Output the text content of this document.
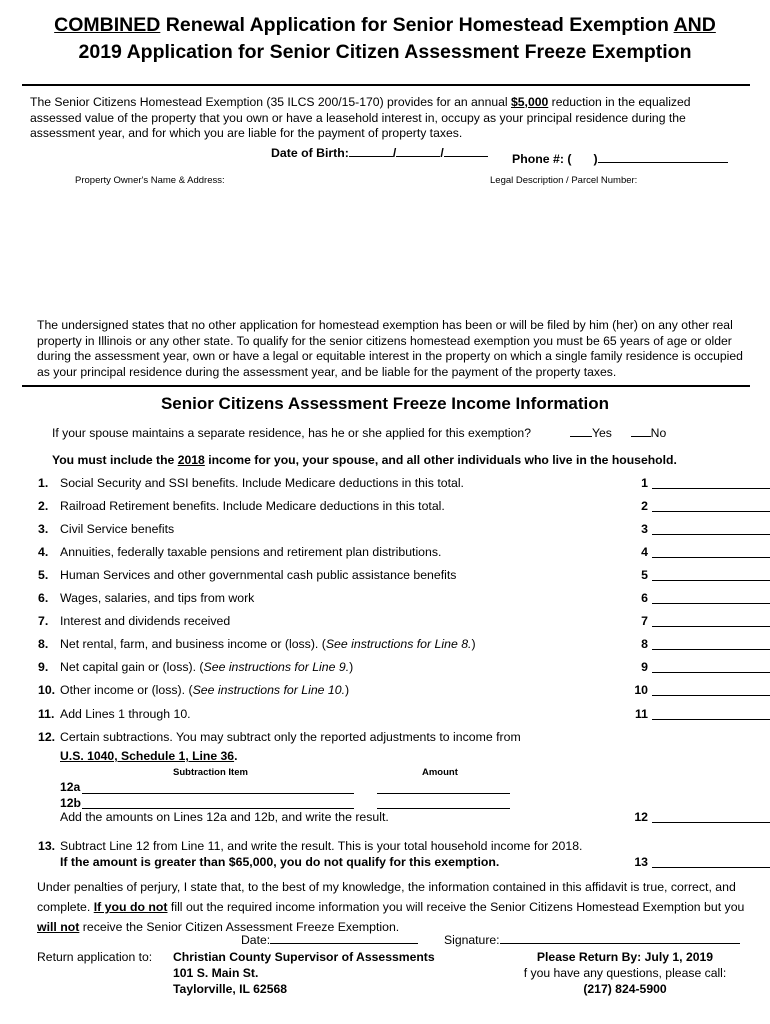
COMBINED Renewal Application for Senior Homestead Exemption AND
2019 Application for Senior Citizen Assessment Freeze Exemption
The Senior Citizens Homestead Exemption (35 ILCS 200/15-170) provides for an annual $5,000 reduction in the equalized assessed value of the property that you own or have a leasehold interest in, occupy as your principal residence during the assessment year, and for which you are liable for the payment of property taxes.
Date of Birth:	/	/	Phone #: ( )
Property Owner's Name & Address:	Legal Description / Parcel Number:
The undersigned states that no other application for homestead exemption has been or will be filed by him (her) on any other real property in Illinois or any other state. To qualify for the senior citizens homestead exemption you must be 65 years of age or older during the assessment year, own or have a legal or equitable interest in the property on which a single family residence is occupied as your principal residence during the assessment year, and be liable for the payment of the property taxes.
Senior Citizens Assessment Freeze Income Information
If your spouse maintains a separate residence, has he or she applied for this exemption?	Yes	No
You must include the 2018 income for you, your spouse, and all other individuals who live in the household.
1. Social Security and SSI benefits. Include Medicare deductions in this total.	1
2. Railroad Retirement benefits. Include Medicare deductions in this total.	2
3. Civil Service benefits	3
4. Annuities, federally taxable pensions and retirement plan distributions.	4
5. Human Services and other governmental cash public assistance benefits	5
6. Wages, salaries, and tips from work	6
7. Interest and dividends received	7
8. Net rental, farm, and business income or (loss). (See instructions for Line 8.)	8
9. Net capital gain or (loss). (See instructions for Line 9.)	9
10. Other income or (loss). (See instructions for Line 10.)	10
11. Add Lines 1 through 10.	11
12. Certain subtractions. You may subtract only the reported adjustments to income from
U.S. 1040, Schedule 1, Line 36.
Subtraction Item	Amount
12a
12b
Add the amounts on Lines 12a and 12b, and write the result.	12
13. Subtract Line 12 from Line 11, and write the result. This is your total household income for 2018.
If the amount is greater than $65,000, you do not qualify for this exemption.	13
Under penalties of perjury, I state that, to the best of my knowledge, the information contained in this affidavit is true, correct, and complete. If you do not fill out the required income information you will receive the Senior Citizens Homestead Exemption but you will not receive the Senior Citizen Assessment Freeze Exemption.
Date:	Signature:
Return application to: Christian County Supervisor of Assessments
101 S. Main St.
Taylorville, IL 62568
Please Return By: July 1, 2019
f you have any questions, please call:
(217) 824-5900
